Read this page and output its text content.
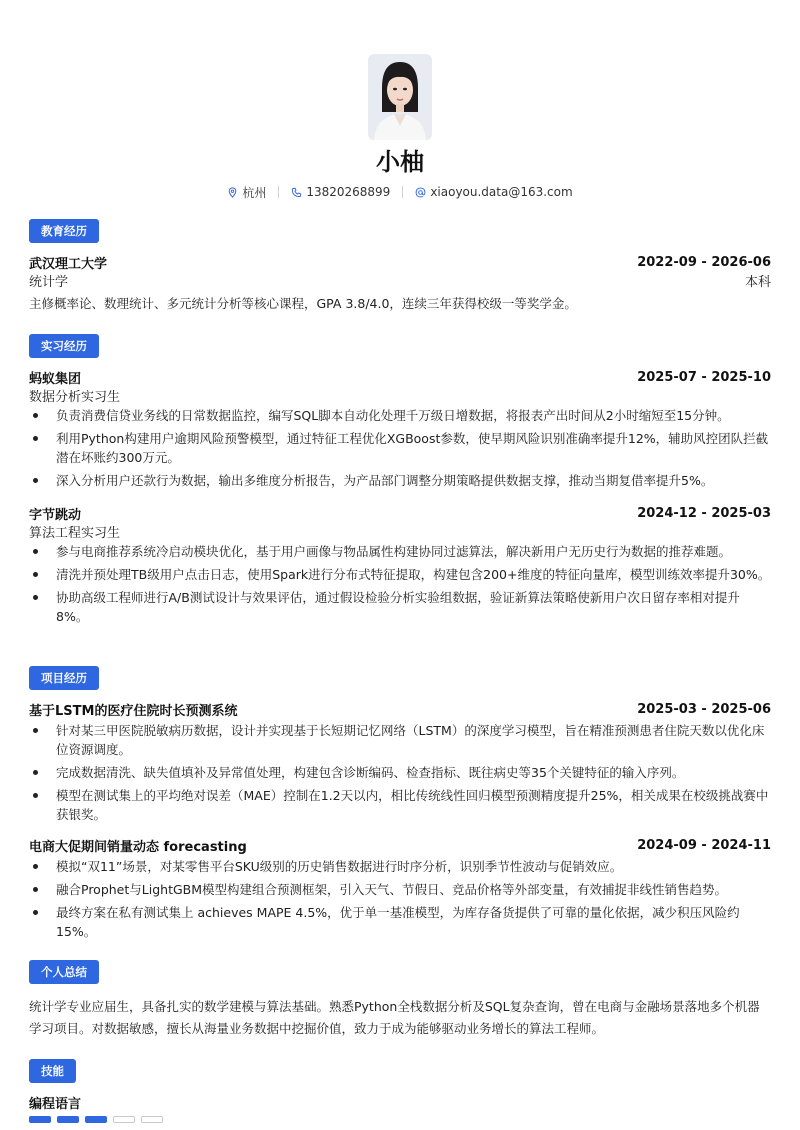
小柚
杭州	13820268899	xiaoyou.data@163.com
教育经历
武汉理工大学	2022-09 - 2026-06
统计学	本科
主修概率论、数理统计、多元统计分析等核心课程，GPA 3.8/4.0，连续三年获得校级一等奖学金。
实习经历
蚂蚁集团	2025-07 - 2025-10
数据分析实习生
负责消费信贷业务线的日常数据监控，编写SQL脚本自动化处理千万级日增数据，将报表产出时间从2小时缩短至15分钟。
利用Python构建用户逾期风险预警模型，通过特征工程优化XGBoost参数，使早期风险识别准确率提升12%，辅助风控团队拦截潜在坏账约300万元。
深入分析用户还款行为数据，输出多维度分析报告，为产品部门调整分期策略提供数据支撑，推动当期复借率提升5%。
字节跳动	2024-12 - 2025-03
算法工程实习生
参与电商推荐系统冷启动模块优化，基于用户画像与物品属性构建协同过滤算法，解决新用户无历史行为数据的推荐难题。
清洗并预处理TB级用户点击日志，使用Spark进行分布式特征提取，构建包含200+维度的特征向量库，模型训练效率提升30%。
协助高级工程师进行A/B测试设计与效果评估，通过假设检验分析实验组数据，验证新算法策略使新用户次日留存率相对提升8%。
项目经历
基于LSTM的医疗住院时长预测系统	2025-03 - 2025-06
针对某三甲医院脱敏病历数据，设计并实现基于长短期记忆网络（LSTM）的深度学习模型，旨在精准预测患者住院天数以优化床位资源调度。
完成数据清洗、缺失值填补及异常值处理，构建包含诊断编码、检查指标、既往病史等35个关键特征的输入序列。
模型在测试集上的平均绝对误差（MAE）控制在1.2天以内，相比传统线性回归模型预测精度提升25%，相关成果在校级挑战赛中获银奖。
电商大促期间销量动态 forecasting	2024-09 - 2024-11
模拟“双11”场景，对某零售平台SKU级别的历史销售数据进行时序分析，识别季节性波动与促销效应。
融合Prophet与LightGBM模型构建组合预测框架，引入天气、节假日、竞品价格等外部变量，有效捕捉非线性销售趋势。
最终方案在私有测试集上 achieves MAPE 4.5%，优于单一基准模型，为库存备货提供了可靠的量化依据，减少积压风险约15%。
个人总结
统计学专业应届生，具备扎实的数学建模与算法基础。熟悉Python全栈数据分析及SQL复杂查询，曾在电商与金融场景落地多个机器学习项目。对数据敏感，擅长从海量业务数据中挖掘价值，致力于成为能够驱动业务增长的算法工程师。
技能
编程语言
